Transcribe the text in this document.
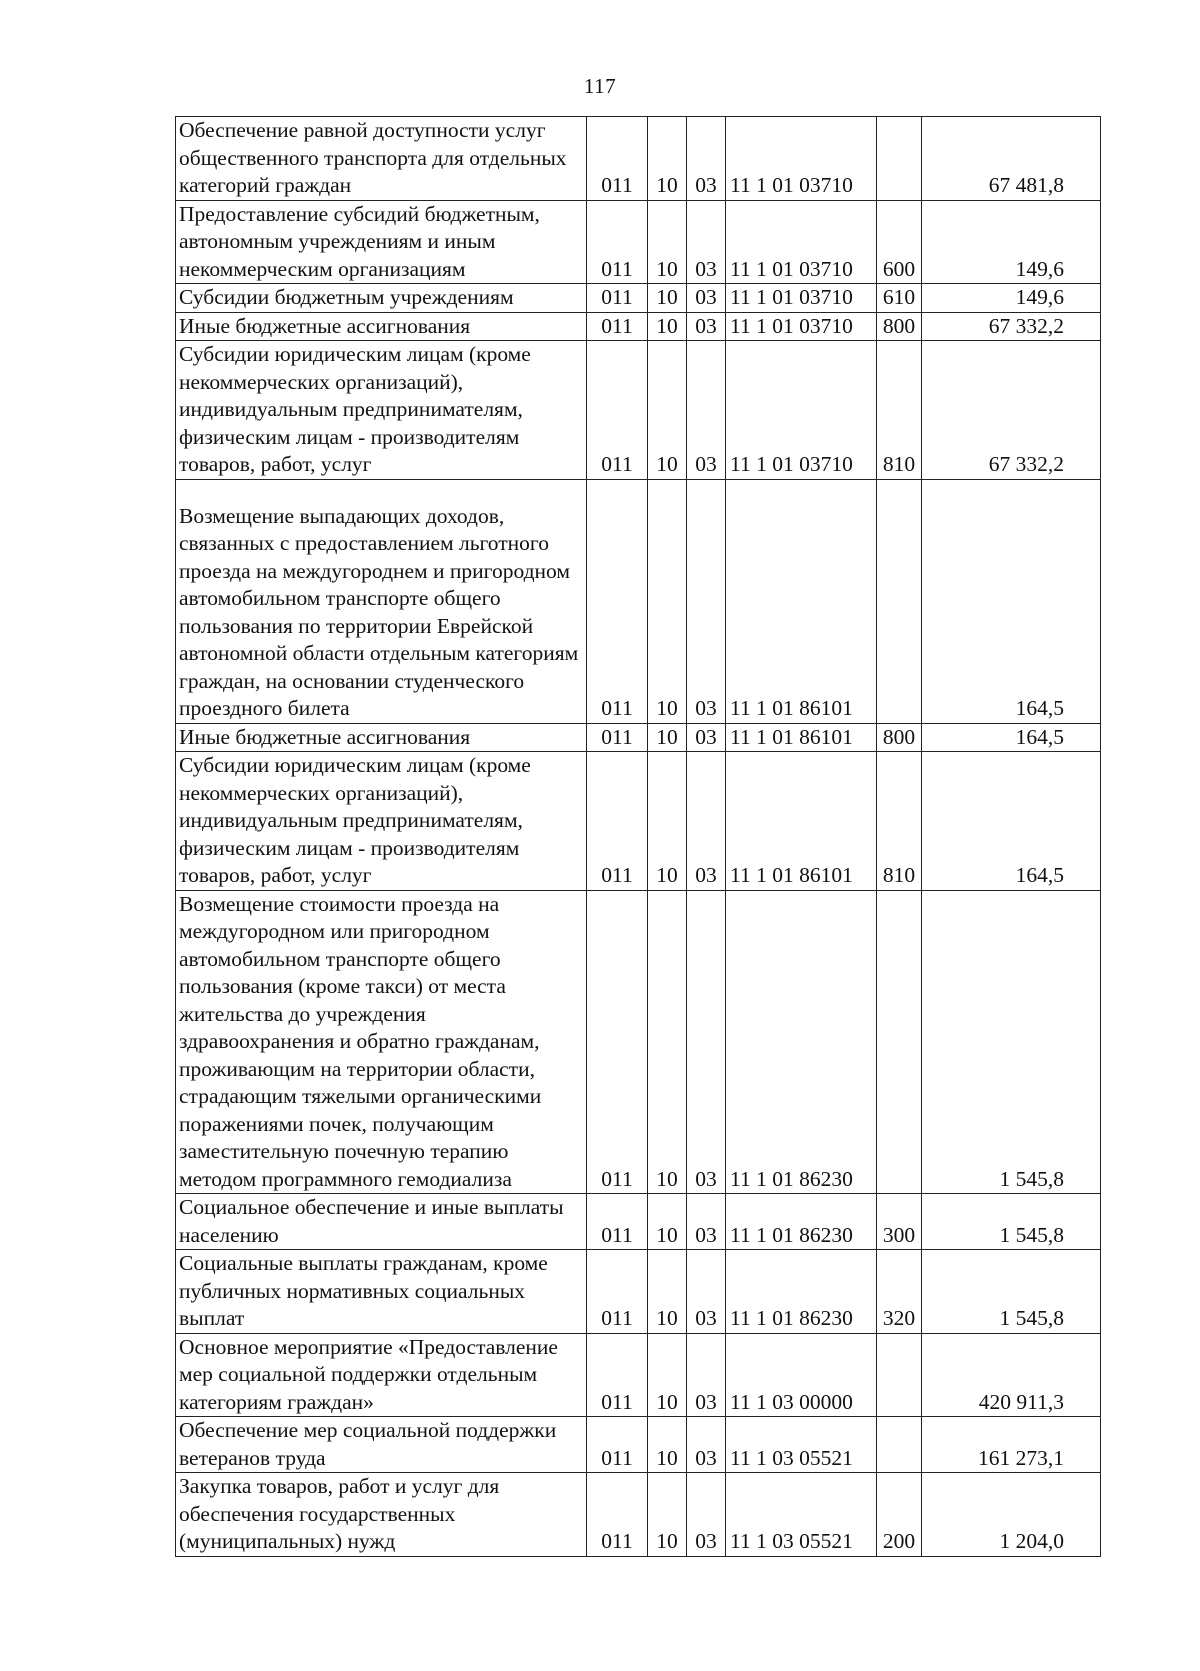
117
Обеспечение равной доступности услуг общественного транспорта для отдельных категорий граждан	011	10	03	11 1 01 03710		67 481,8
Предоставление субсидий бюджетным, автономным учреждениям и иным некоммерческим организациям	011	10	03	11 1 01 03710	600	149,6
Субсидии бюджетным учреждениям	011	10	03	11 1 01 03710	610	149,6
Иные бюджетные ассигнования	011	10	03	11 1 01 03710	800	67 332,2
Субсидии юридическим лицам (кроме некоммерческих организаций), индивидуальным предпринимателям, физическим лицам - производителям товаров, работ, услуг	011	10	03	11 1 01 03710	810	67 332,2
Возмещение выпадающих доходов, связанных с предоставлением льготного проезда на междугороднем и пригородном автомобильном транспорте общего пользования по территории Еврейской автономной области отдельным категориям граждан, на основании студенческого проездного билета	011	10	03	11 1 01 86101		164,5
Иные бюджетные ассигнования	011	10	03	11 1 01 86101	800	164,5
Субсидии юридическим лицам (кроме некоммерческих организаций), индивидуальным предпринимателям, физическим лицам - производителям товаров, работ, услуг	011	10	03	11 1 01 86101	810	164,5
Возмещение стоимости проезда на междугородном или пригородном автомобильном транспорте общего пользования (кроме такси) от места жительства до учреждения здравоохранения и обратно гражданам, проживающим на территории области, страдающим тяжелыми органическими поражениями почек, получающим заместительную почечную терапию методом программного гемодиализа	011	10	03	11 1 01 86230		1 545,8
Социальное обеспечение и иные выплаты населению	011	10	03	11 1 01 86230	300	1 545,8
Социальные выплаты гражданам, кроме публичных нормативных социальных выплат	011	10	03	11 1 01 86230	320	1 545,8
Основное мероприятие «Предоставление мер социальной поддержки отдельным категориям граждан»	011	10	03	11 1 03 00000		420 911,3
Обеспечение мер социальной поддержки ветеранов труда	011	10	03	11 1 03 05521		161 273,1
Закупка товаров, работ и услуг для обеспечения государственных (муниципальных) нужд	011	10	03	11 1 03 05521	200	1 204,0
